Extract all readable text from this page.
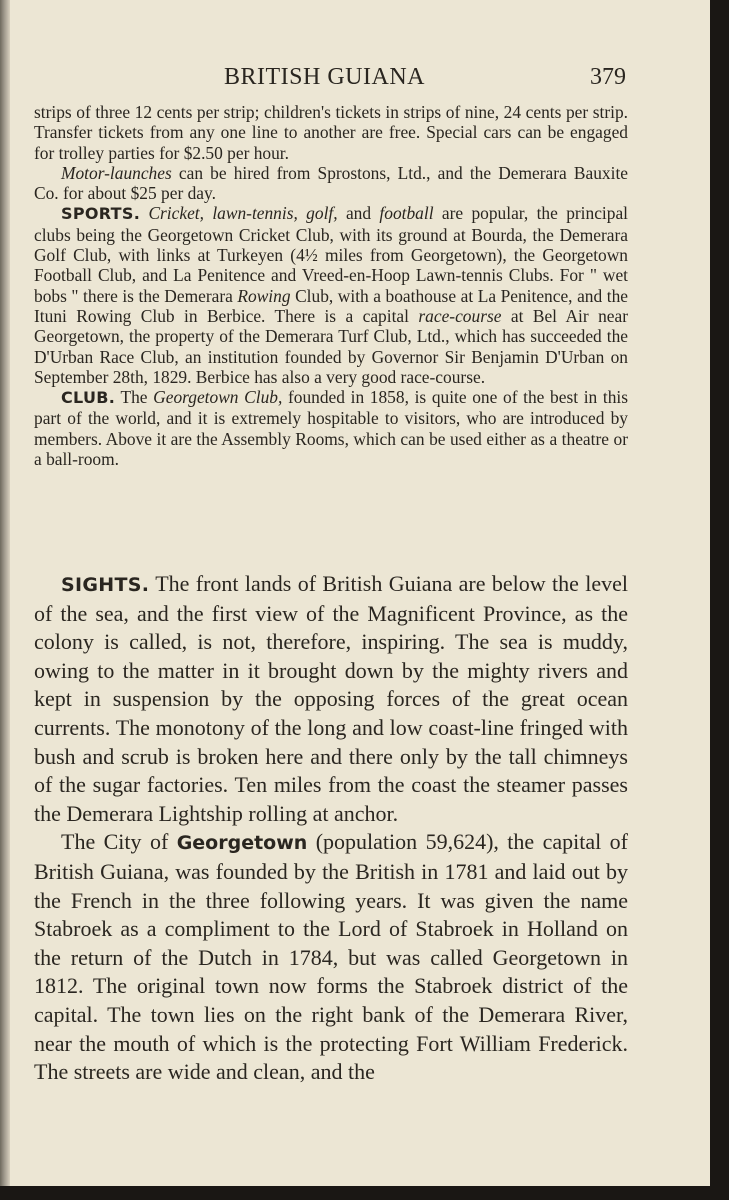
BRITISH GUIANA	379

strips of three 12 cents per strip; children's tickets in strips of nine, 24 cents per strip. Transfer tickets from any one line to another are free. Special cars can be engaged for trolley parties for $2.50 per hour.

Motor-launches can be hired from Sprostons, Ltd., and the Demerara Bauxite Co. for about $25 per day.

SPORTS. Cricket, lawn-tennis, golf, and football are popular, the principal clubs being the Georgetown Cricket Club, with its ground at Bourda, the Demerara Golf Club, with links at Turkeyen (4½ miles from Georgetown), the Georgetown Football Club, and La Penitence and Vreed-en-Hoop Lawn-tennis Clubs. For " wet bobs " there is the Demerara Rowing Club, with a boathouse at La Penitence, and the Ituni Rowing Club in Berbice. There is a capital race-course at Bel Air near Georgetown, the property of the Demerara Turf Club, Ltd., which has succeeded the D'Urban Race Club, an institution founded by Governor Sir Benjamin D'Urban on September 28th, 1829. Berbice has also a very good race-course.

CLUB. The Georgetown Club, founded in 1858, is quite one of the best in this part of the world, and it is extremely hospitable to visitors, who are introduced by members. Above it are the Assembly Rooms, which can be used either as a theatre or a ball-room.

SIGHTS. The front lands of British Guiana are below the level of the sea, and the first view of the Magnificent Province, as the colony is called, is not, therefore, inspiring. The sea is muddy, owing to the matter in it brought down by the mighty rivers and kept in suspension by the opposing forces of the great ocean currents. The monotony of the long and low coast-line fringed with bush and scrub is broken here and there only by the tall chimneys of the sugar factories. Ten miles from the coast the steamer passes the Demerara Lightship rolling at anchor.

The City of Georgetown (population 59,624), the capital of British Guiana, was founded by the British in 1781 and laid out by the French in the three following years. It was given the name Stabroek as a compliment to the Lord of Stabroek in Holland on the return of the Dutch in 1784, but was called Georgetown in 1812. The original town now forms the Stabroek district of the capital. The town lies on the right bank of the Demerara River, near the mouth of which is the protecting Fort William Frederick. The streets are wide and clean, and the
